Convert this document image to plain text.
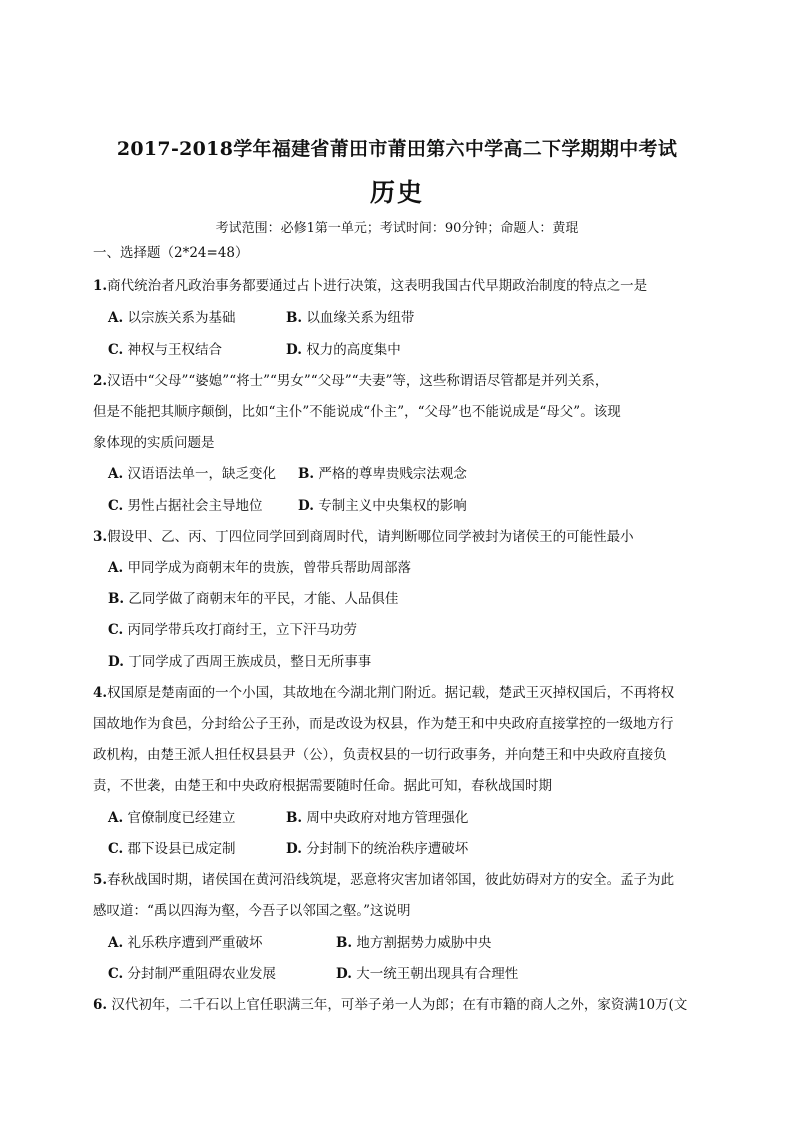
2017-2018学年福建省莆田市莆田第六中学高二下学期期中考试
历史
考试范围：必修1第一单元；考试时间：90分钟；命题人：黄琨
一、选择题（2*24=48）
1.商代统治者凡政治事务都要通过占卜进行决策，这表明我国古代早期政治制度的特点之一是
A. 以宗族关系为基础	B. 以血缘关系为纽带
C. 神权与王权结合	D. 权力的高度集中
2.汉语中“父母”“婆媳”“将士”“男女”“父母”“夫妻”等，这些称谓语尽管都是并列关系，
但是不能把其顺序颠倒，比如“主仆”不能说成“仆主”，“父母”也不能说成是“母父”。该现
象体现的实质问题是
A. 汉语语法单一，缺乏变化 B. 严格的尊卑贵贱宗法观念
C. 男性占据社会主导地位	D. 专制主义中央集权的影响
3.假设甲、乙、丙、丁四位同学回到商周时代，请判断哪位同学被封为诸侯王的可能性最小
A. 甲同学成为商朝末年的贵族，曾带兵帮助周部落
B. 乙同学做了商朝末年的平民，才能、人品俱佳
C. 丙同学带兵攻打商纣王，立下汗马功劳
D. 丁同学成了西周王族成员，整日无所事事
4.权国原是楚南面的一个小国，其故地在今湖北荆门附近。据记载，楚武王灭掉权国后，不再将权
国故地作为食邑，分封给公子王孙，而是改设为权县，作为楚王和中央政府直接掌控的一级地方行
政机构，由楚王派人担任权县县尹（公），负责权县的一切行政事务，并向楚王和中央政府直接负
责，不世袭，由楚王和中央政府根据需要随时任命。据此可知，春秋战国时期
A. 官僚制度已经建立	B. 周中央政府对地方管理强化
C. 郡下设县已成定制	D. 分封制下的统治秩序遭破坏
5.春秋战国时期，诸侯国在黄河沿线筑堤，恶意将灾害加诸邻国，彼此妨碍对方的安全。孟子为此
感叹道：“禹以四海为壑，今吾子以邻国之壑。”这说明
A. 礼乐秩序遭到严重破坏	B. 地方割据势力威胁中央
C. 分封制严重阻碍农业发展	D. 大一统王朝出现具有合理性
6. 汉代初年，二千石以上官任职满三年，可举子弟一人为郎；在有市籍的商人之外，家资满10万(文
